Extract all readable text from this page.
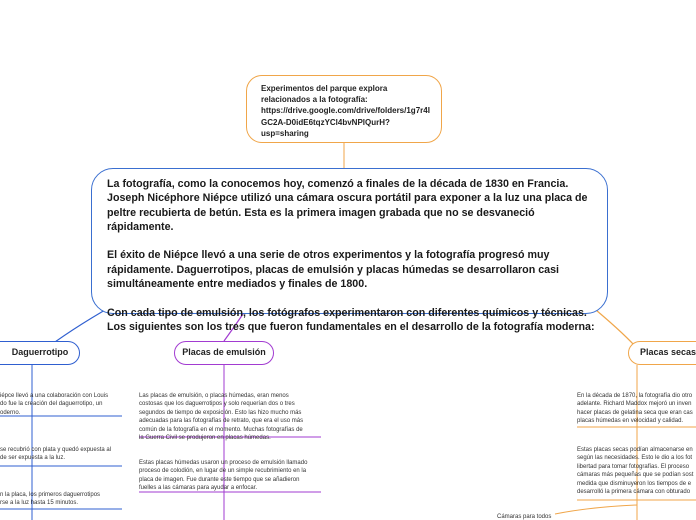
Experimentos del parque explora relacionados a la fotografía:
https://drive.google.com/drive/folders/1g7r4IGC2A-D0idE6tqzYCl4bvNPlQurH?usp=sharing
La fotografía, como la conocemos hoy, comenzó a finales de la década de 1830 en Francia. Joseph Nicéphore Niépce utilizó una cámara oscura portátil para exponer a la luz una placa de peltre recubierta de betún. Esta es la primera imagen grabada que no se desvaneció rápidamente.

El éxito de Niépce llevó a una serie de otros experimentos y la fotografía progresó muy rápidamente. Daguerrotipos, placas de emulsión y placas húmedas se desarrollaron casi simultáneamente entre mediados y finales de 1800.

Con cada tipo de emulsión, los fotógrafos experimentaron con diferentes químicos y técnicas. Los siguientes son los tres que fueron fundamentales en el desarrollo de la fotografía moderna:
Daguerrotipo	Placas de emulsión	Placas secas
iépce llevó a una colaboración con Louis
do fue la creación del daguerrotipo, un
oderno.
se recubrió con plata y quedó expuesta al
de ser expuesta a la luz.
n la placa, los primeros daguerrotipos
rse a la luz hasta 15 minutos.
Las placas de emulsión, o placas húmedas, eran menos
costosas que los daguerrotipos y solo requerían dos o tres
segundos de tiempo de exposición. Esto las hizo mucho más
adecuadas para las fotografías de retrato, que era el uso más
común de la fotografía en el momento. Muchas fotografías de
la Guerra Civil se produjeron en placas húmedas.
Estas placas húmedas usaron un proceso de emulsión llamado
proceso de colodión, en lugar de un simple recubrimiento en la
placa de imagen. Fue durante este tiempo que se añadieron
fuelles a las cámaras para ayudar a enfocar.
En la década de 1870, la fotografía dio otro
adelante. Richard Maddox mejoró un inven
hacer placas de gelatina seca que eran cas
placas húmedas en velocidad y calidad.
Estas placas secas podían almacenarse en
según las necesidades. Esto le dio a los fot
libertad para tomar fotografías. El proceso
cámaras más pequeñas que se podían sost
medida que disminuyeron los tiempos de e
desarrolló la primera cámara con obturado
Cámaras para todos
